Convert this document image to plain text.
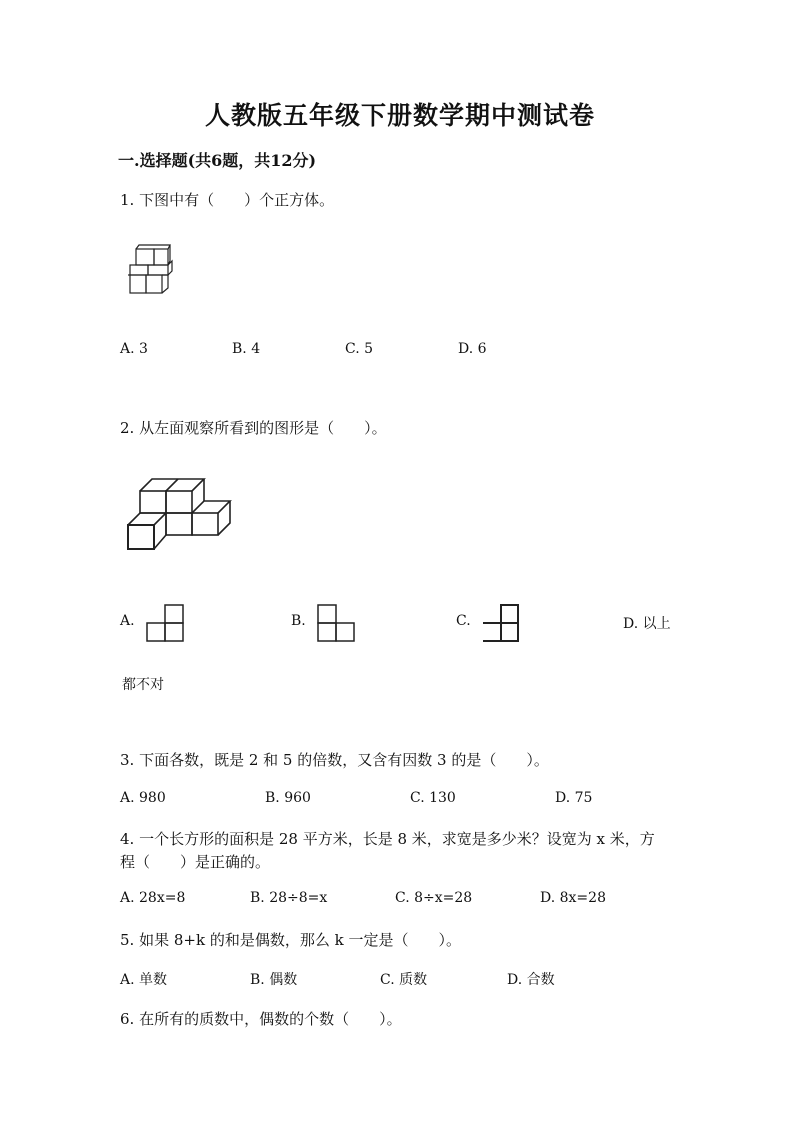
人教版五年级下册数学期中测试卷
一.选择题(共6题，共12分)
1. 下图中有（　　）个正方体。
A. 3	B. 4	C. 5	D. 6
2. 从左面观察所看到的图形是（　　）。
A.	B.	C.	D. 以上
都不对
3. 下面各数，既是 2 和 5 的倍数，又含有因数 3 的是（　　）。
A. 980	B. 960	C. 130	D. 75
4. 一个长方形的面积是 28 平方米，长是 8 米，求宽是多少米？设宽为 x 米，方
程（　　）是正确的。
A. 28x=8	B. 28÷8=x	C. 8÷x=28	D. 8x=28
5. 如果 8+k 的和是偶数，那么 k 一定是（　　）。
A. 单数	B. 偶数	C. 质数	D. 合数
6. 在所有的质数中，偶数的个数（　　）。
